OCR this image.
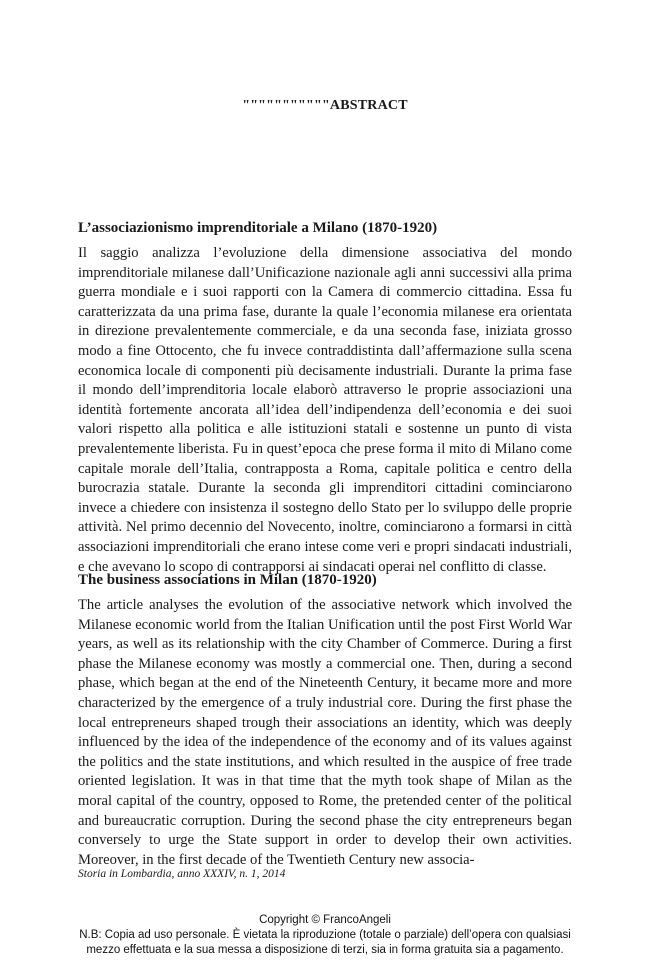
"""""""""""ABSTRACT

L’associazionismo imprenditoriale a Milano (1870-1920)

Il saggio analizza l’evoluzione della dimensione associativa del mondo imprenditoriale milanese dall’Unificazione nazionale agli anni successivi alla prima guerra mondiale e i suoi rapporti con la Camera di commercio cittadina. Essa fu caratterizzata da una prima fase, durante la quale l’economia milanese era orientata in direzione prevalentemente commerciale, e da una seconda fase, iniziata grosso modo a fine Ottocento, che fu invece contraddistinta dall’affermazione sulla scena economica locale di componenti più decisamente industriali. Durante la prima fase il mondo dell’imprenditoria locale elaborò attraverso le proprie associazioni una identità fortemente ancorata all’idea dell’indipendenza dell’economia e dei suoi valori rispetto alla politica e alle istituzioni statali e sostenne un punto di vista prevalentemente liberista. Fu in quest’epoca che prese forma il mito di Milano come capitale morale dell’Italia, contrapposta a Roma, capitale politica e centro della burocrazia statale. Durante la seconda gli imprenditori cittadini cominciarono invece a chiedere con insistenza il sostegno dello Stato per lo sviluppo delle proprie attività. Nel primo decennio del Novecento, inoltre, cominciarono a formarsi in città associazioni imprenditoriali che erano intese come veri e propri sindacati industriali, e che avevano lo scopo di contrapporsi ai sindacati operai nel conflitto di classe.

The business associations in Milan (1870-1920)

The article analyses the evolution of the associative network which involved the Milanese economic world from the Italian Unification until the post First World War years, as well as its relationship with the city Chamber of Commerce. During a first phase the Milanese economy was mostly a commercial one. Then, during a second phase, which began at the end of the Nineteenth Century, it became more and more characterized by the emergence of a truly industrial core. During the first phase the local entrepreneurs shaped trough their associations an identity, which was deeply influenced by the idea of the independence of the economy and of its values against the politics and the state institutions, and which resulted in the auspice of free trade oriented legislation. It was in that time that the myth took shape of Milan as the moral capital of the country, opposed to Rome, the pretended center of the political and bureaucratic corruption. During the second phase the city entrepreneurs began conversely to urge the State support in order to develop their own activities. Moreover, in the first decade of the Twentieth Century new associa-

Storia in Lombardia, anno XXXIV, n. 1, 2014
Copyright © FrancoAngeli
N.B: Copia ad uso personale. È vietata la riproduzione (totale o parziale) dell’opera con qualsiasi
mezzo effettuata e la sua messa a disposizione di terzi, sia in forma gratuita sia a pagamento.
